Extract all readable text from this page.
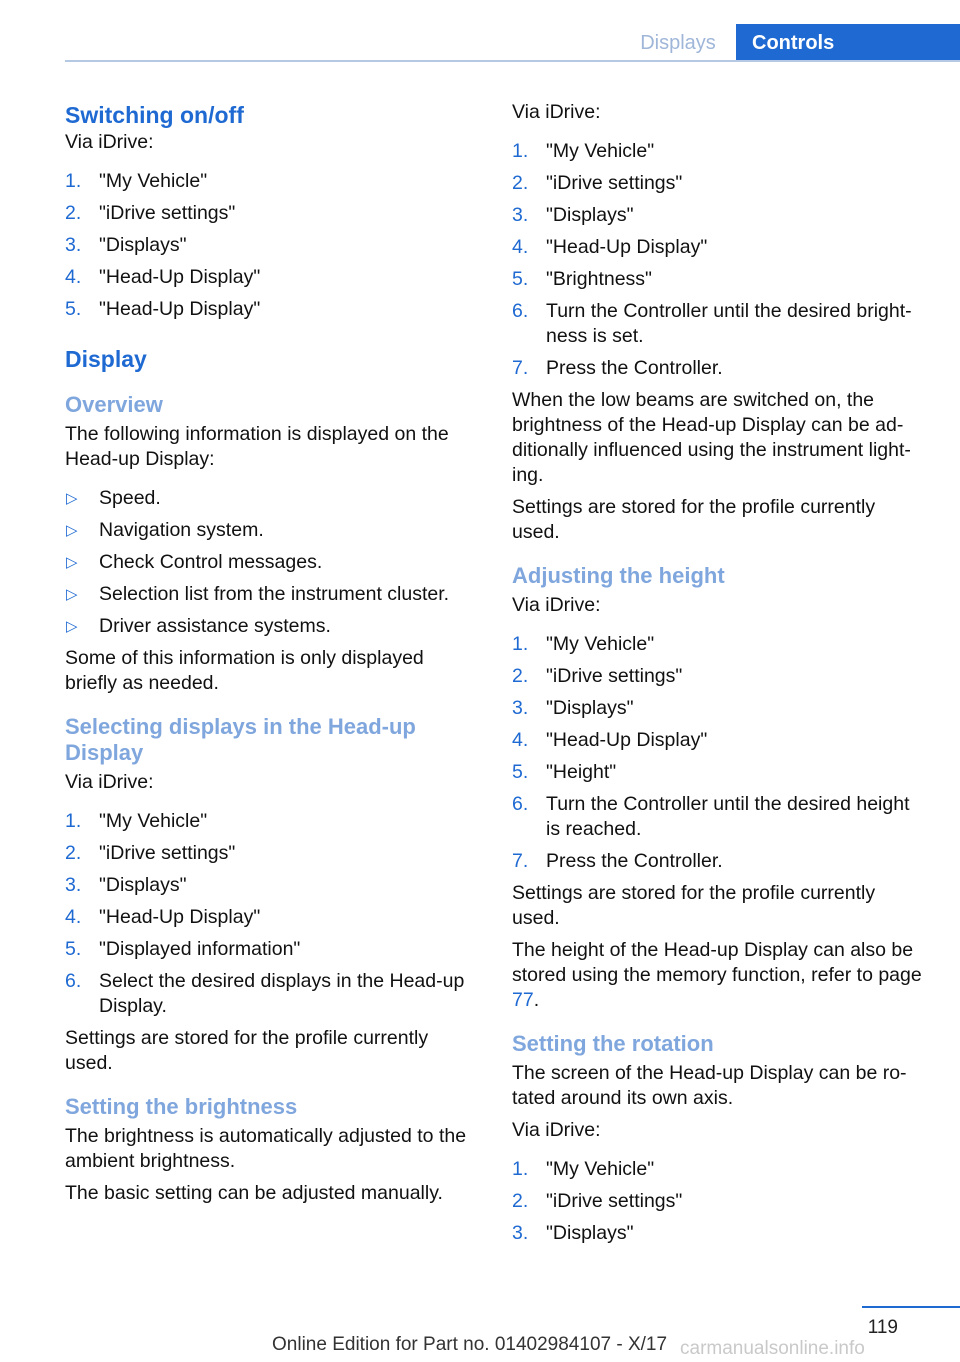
Displays	Controls
Switching on/off

Via iDrive:

1. "My Vehicle"
2. "iDrive settings"
3. "Displays"
4. "Head-Up Display"
5. "Head-Up Display"
Display
Overview

The following information is displayed on the Head-up Display:

▷ Speed.
▷ Navigation system.
▷ Check Control messages.
▷ Selection list from the instrument cluster.
▷ Driver assistance systems.

Some of this information is only displayed briefly as needed.

Selecting displays in the Head-up Display

Via iDrive:

1. "My Vehicle"
2. "iDrive settings"
3. "Displays"
4. "Head-Up Display"
5. "Displayed information"
6. Select the desired displays in the Head-up Display.

Settings are stored for the profile currently used.

Setting the brightness

The brightness is automatically adjusted to the ambient brightness.

The basic setting can be adjusted manually.

Via iDrive:

1. "My Vehicle"
2. "iDrive settings"
3. "Displays"
4. "Head-Up Display"
5. "Brightness"
6. Turn the Controller until the desired bright‐ness is set.
7. Press the Controller.

When the low beams are switched on, the brightness of the Head-up Display can be ad‐ditionally influenced using the instrument light‐ing.

Settings are stored for the profile currently used.

Adjusting the height

Via iDrive:

1. "My Vehicle"
2. "iDrive settings"
3. "Displays"
4. "Head-Up Display"
5. "Height"
6. Turn the Controller until the desired height is reached.
7. Press the Controller.

Settings are stored for the profile currently used.

The height of the Head-up Display can also be stored using the memory function, refer to page 77.

Setting the rotation

The screen of the Head-up Display can be ro‐tated around its own axis.

Via iDrive:

1. "My Vehicle"
2. "iDrive settings"
3. "Displays"
119
Online Edition for Part no. 01402984107 - X/17 carmanualsonline.info
